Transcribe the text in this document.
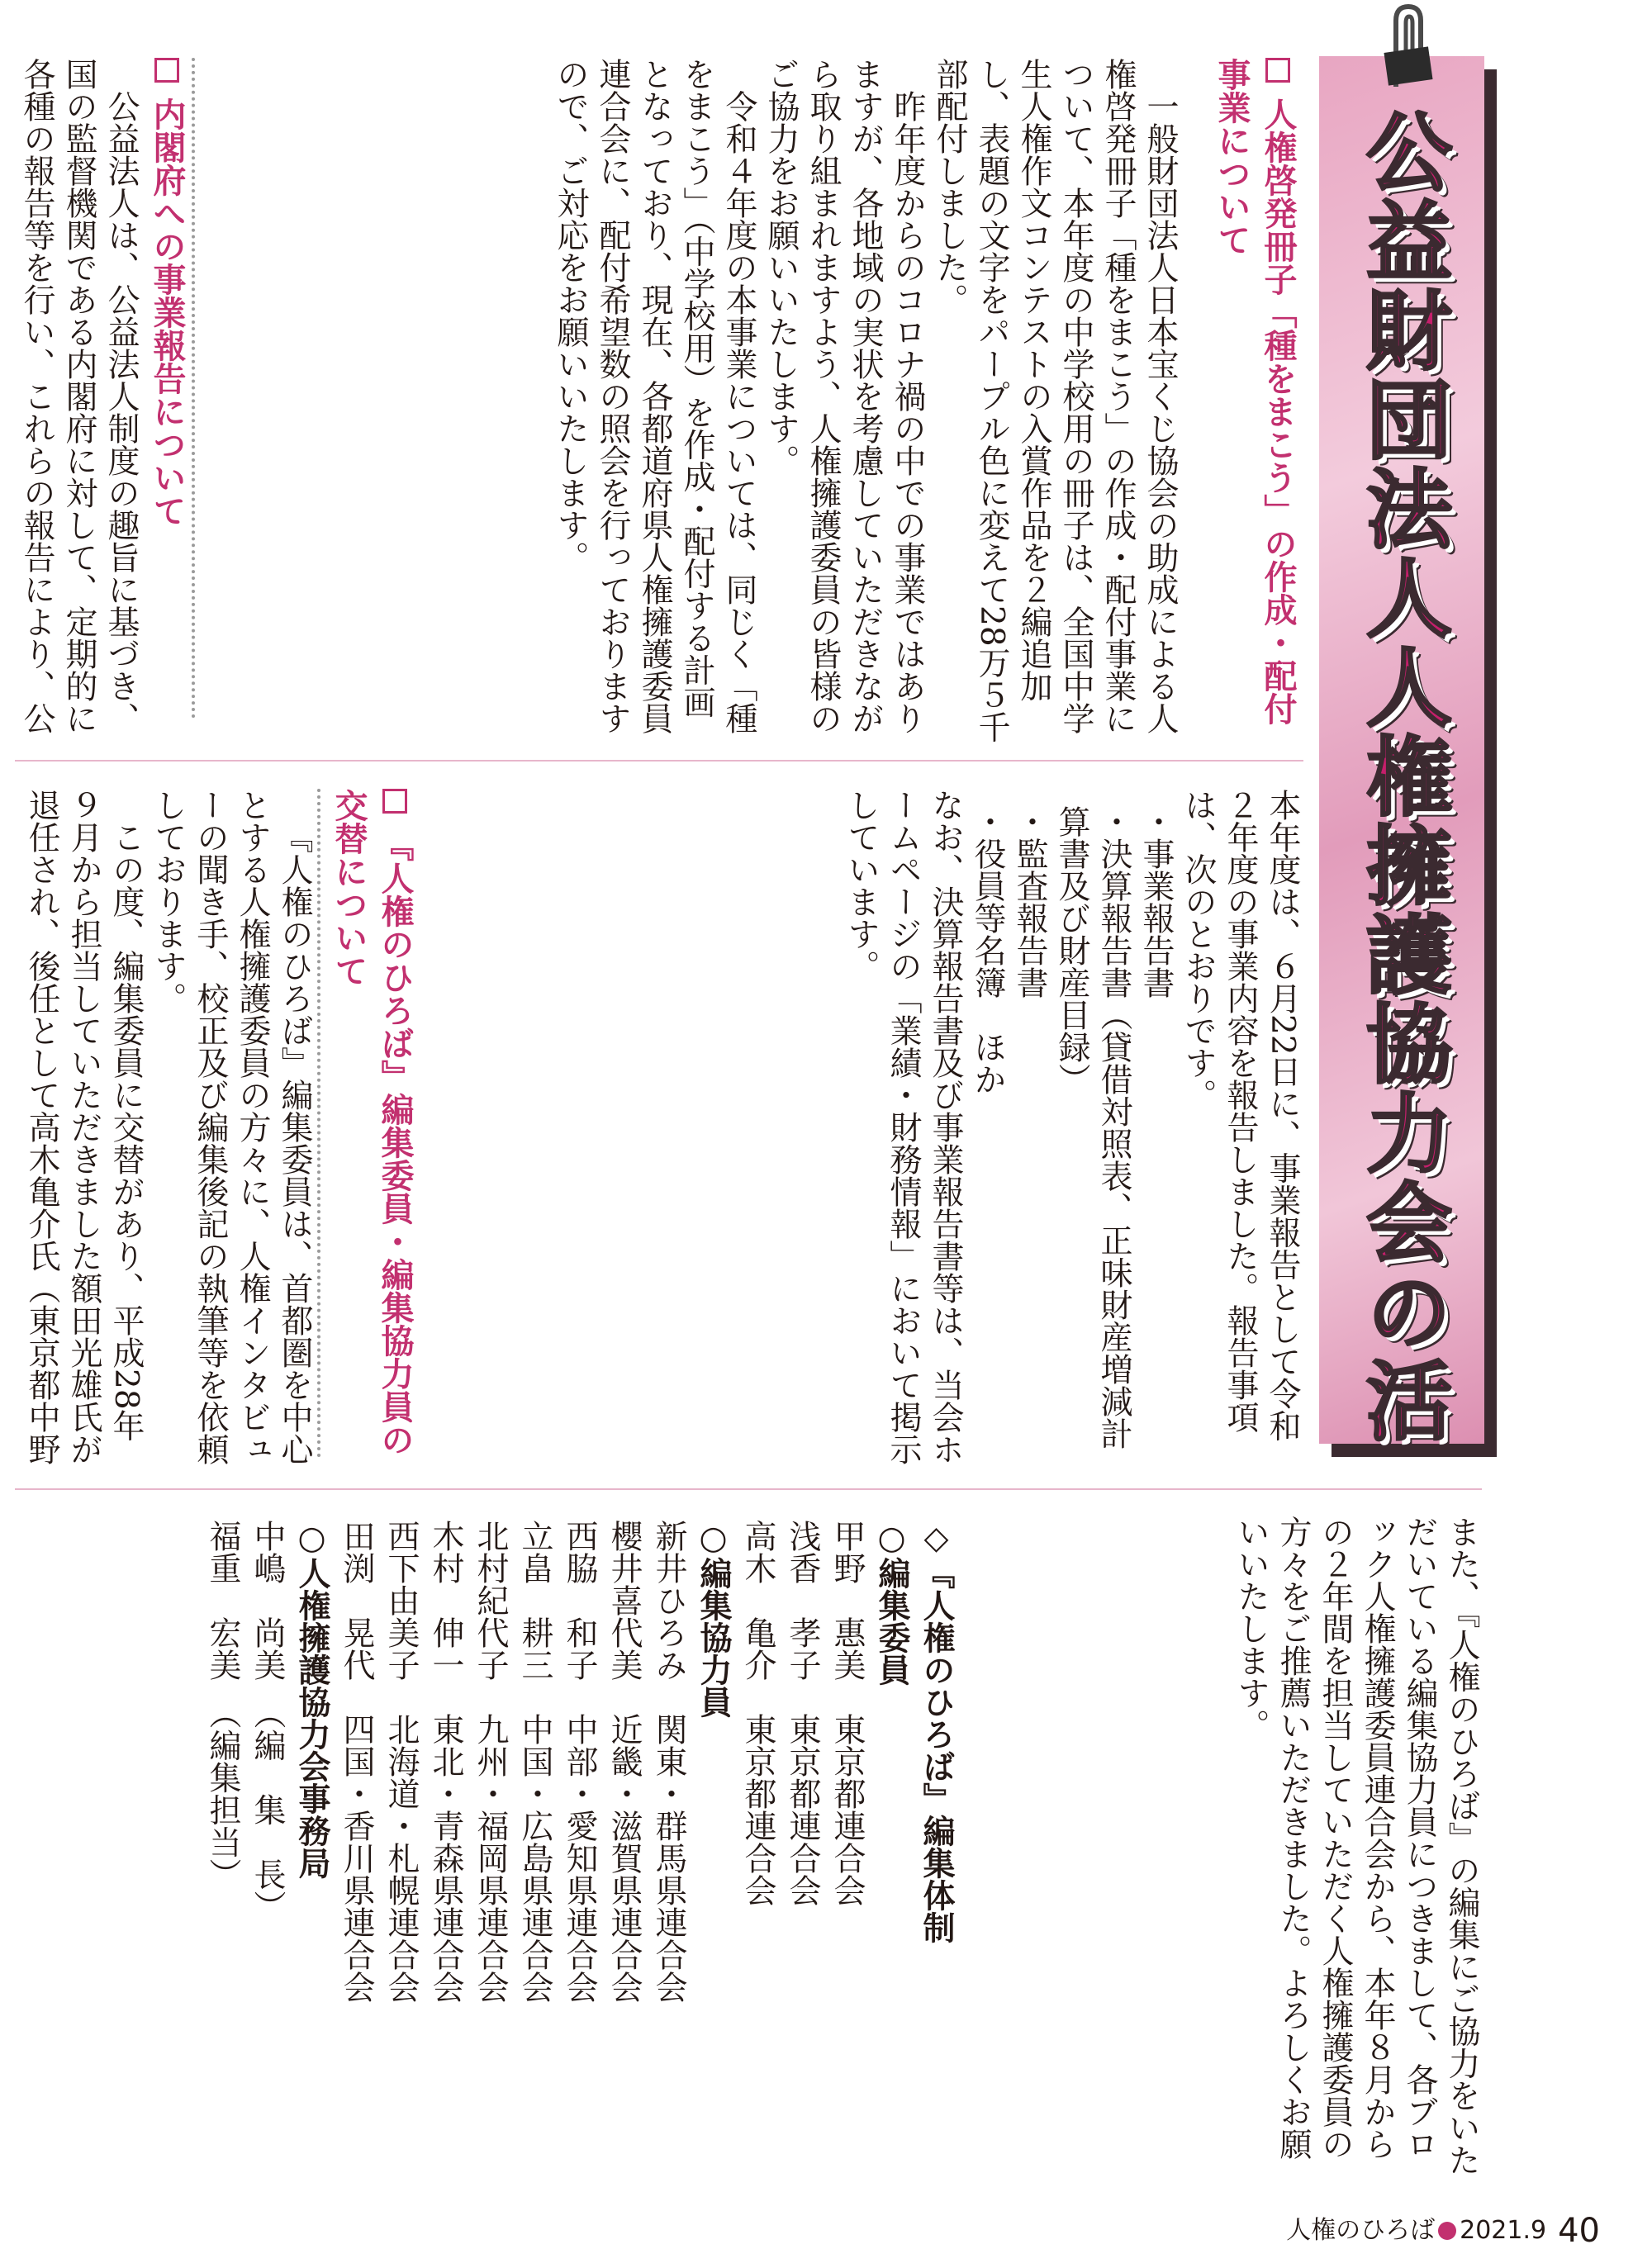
公益財団法人人権擁護協力会の活
人権啓発冊子「種をまこう」の作成・配付事業について

一般財団法人日本宝くじ協会の助成による人権啓発冊子「種をまこう」の作成・配付事業について、本年度の中学校用の冊子は、全国中学生人権作文コンテストの入賞作品を２編追加し、表題の文字をパープル色に変えて28万５千部配付しました。

昨年度からのコロナ禍の中での事業ではありますが、各地域の実状を考慮していただきながら取り組まれますよう、人権擁護委員の皆様のご協力をお願いいたします。

令和４年度の本事業については、同じく「種をまこう」（中学校用）を作成・配付する計画となっており、現在、各都道府県人権擁護委員連合会に、配付希望数の照会を行っておりますので、ご対応をお願いいたします。

内閣府への事業報告について

公益法人は、公益法人制度の趣旨に基づき、国の監督機関である内閣府に対して、定期的に各種の報告等を行い、これらの報告により、公

本年度は、６月22日に、事業報告として令和２年度の事業内容を報告しました。報告事項は、次のとおりです。

・事業報告書

・決算報告書（貸借対照表、正味財産増減計算書及び財産目録）

・監査報告書

・役員等名簿　ほか

なお、決算報告書及び事業報告書等は、当会ホームページの「業績・財務情報」において掲示しています。

『人権のひろば』編集委員・編集協力員の交替について

『人権のひろば』編集委員は、首都圏を中心とする人権擁護委員の方々に、人権インタビューの聞き手、校正及び編集後記の執筆等を依頼しております。

この度、編集委員に交替があり、平成28年９月から担当していただきました額田光雄氏が退任され、後任として高木亀介氏（東京都中野

また、『人権のひろば』の編集にご協力をいただいている編集協力員につきまして、各ブロック人権擁護委員連合会から、本年８月からの２年間を担当していただく人権擁護委員の方々をご推薦いただきました。よろしくお願いいたします。

◇『人権のひろば』編集体制
○編集委員
甲野　惠美　東京都連合会
浅香　孝子　東京都連合会
高木　亀介　東京都連合会
○編集協力員
新井ひろみ　関東・群馬県連合会
櫻井喜代美　近畿・滋賀県連合会
西脇　和子　中部・愛知県連合会
立畠　耕三　中国・広島県連合会
北村紀代子　九州・福岡県連合会
木村　伸一　東北・青森県連合会
西下由美子　北海道・札幌連合会
田渕　晃代　四国・香川県連合会
○人権擁護協力会事務局
中嶋　尚美　（編　集　長）
福重　宏美　（編集担当）
人権のひろば 2021.9 40
